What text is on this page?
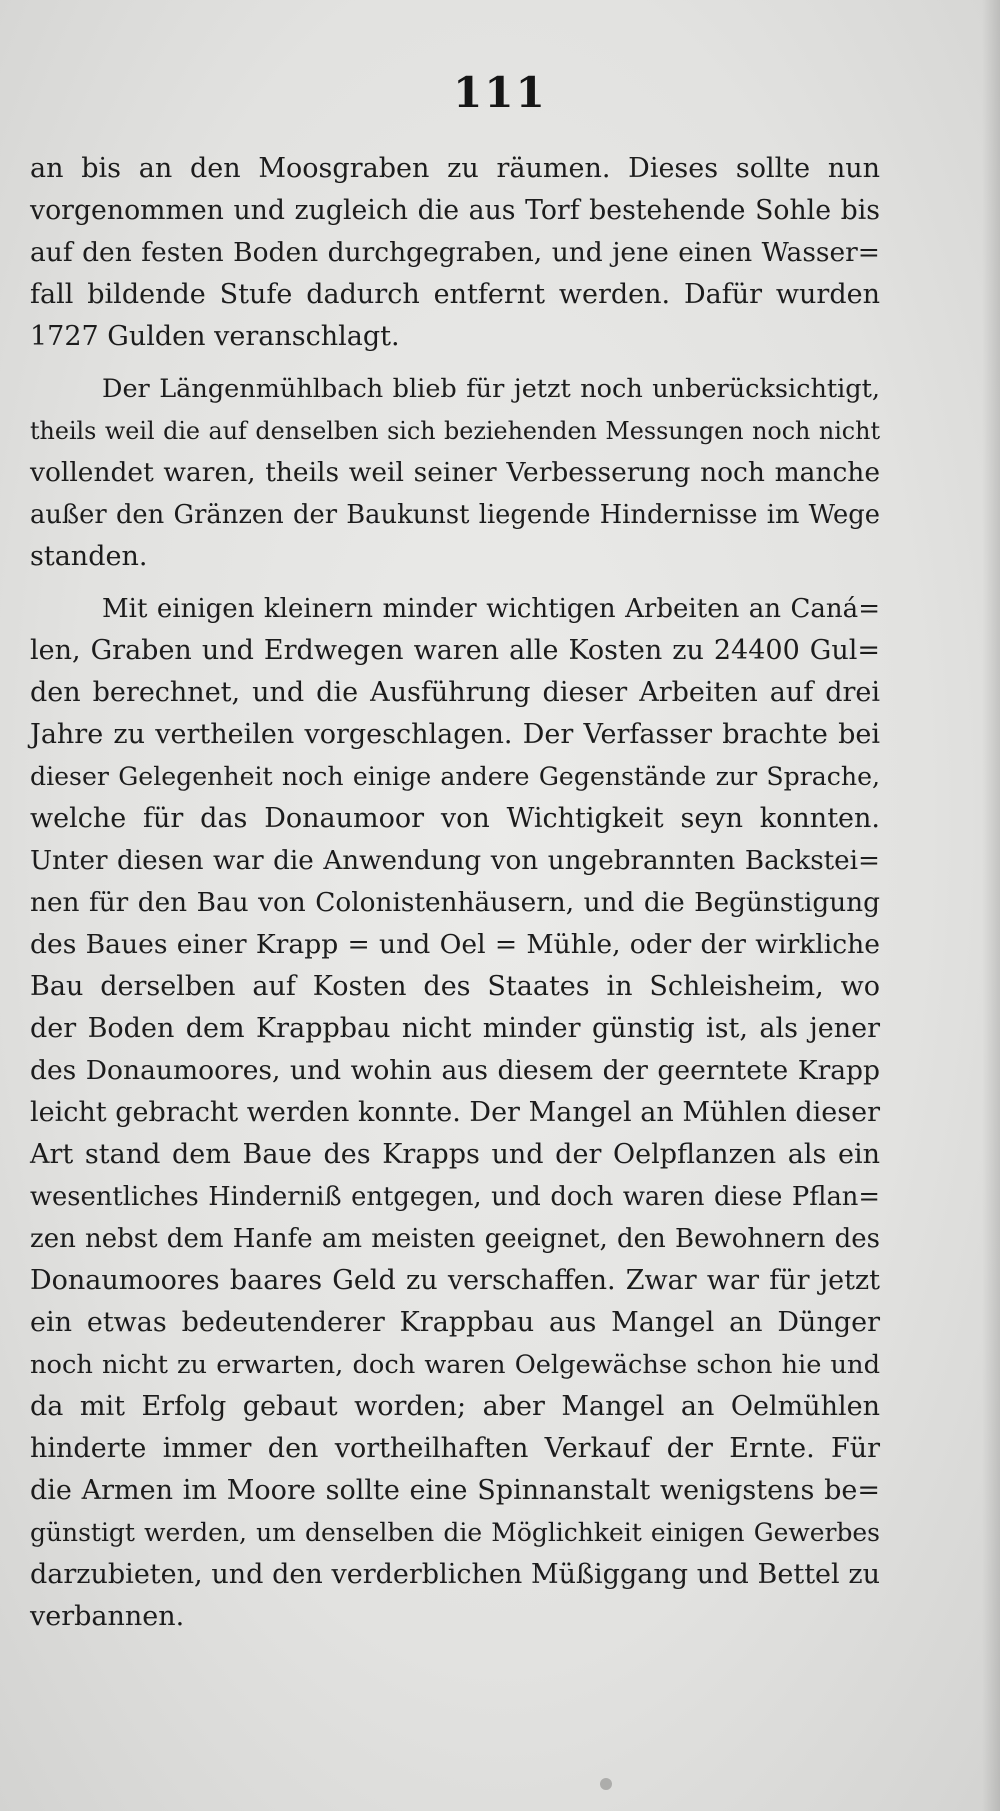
111
an bis an den Moosgraben zu räumen. Dieses sollte nun
vorgenommen und zugleich die aus Torf bestehende Sohle bis
auf den festen Boden durchgegraben, und jene einen Wasser=
fall bildende Stufe dadurch entfernt werden. Dafür wurden
1727 Gulden veranschlagt.
Der Längenmühlbach blieb für jetzt noch unberücksichtigt,
theils weil die auf denselben sich beziehenden Messungen noch nicht
vollendet waren, theils weil seiner Verbesserung noch manche
außer den Gränzen der Baukunst liegende Hindernisse im Wege
standen.
Mit einigen kleinern minder wichtigen Arbeiten an Caná=
len, Graben und Erdwegen waren alle Kosten zu 24400 Gul=
den berechnet, und die Ausführung dieser Arbeiten auf drei
Jahre zu vertheilen vorgeschlagen. Der Verfasser brachte bei
dieser Gelegenheit noch einige andere Gegenstände zur Sprache,
welche für das Donaumoor von Wichtigkeit seyn konnten.
Unter diesen war die Anwendung von ungebrannten Backstei=
nen für den Bau von Colonistenhäusern, und die Begünstigung
des Baues einer Krapp = und Oel = Mühle, oder der wirkliche
Bau derselben auf Kosten des Staates in Schleisheim, wo
der Boden dem Krappbau nicht minder günstig ist, als jener
des Donaumoores, und wohin aus diesem der geerntete Krapp
leicht gebracht werden konnte. Der Mangel an Mühlen dieser
Art stand dem Baue des Krapps und der Oelpflanzen als ein
wesentliches Hinderniß entgegen, und doch waren diese Pflan=
zen nebst dem Hanfe am meisten geeignet, den Bewohnern des
Donaumoores baares Geld zu verschaffen. Zwar war für jetzt
ein etwas bedeutenderer Krappbau aus Mangel an Dünger
noch nicht zu erwarten, doch waren Oelgewächse schon hie und
da mit Erfolg gebaut worden; aber Mangel an Oelmühlen
hinderte immer den vortheilhaften Verkauf der Ernte. Für
die Armen im Moore sollte eine Spinnanstalt wenigstens be=
günstigt werden, um denselben die Möglichkeit einigen Gewerbes
darzubieten, und den verderblichen Müßiggang und Bettel zu
verbannen.
